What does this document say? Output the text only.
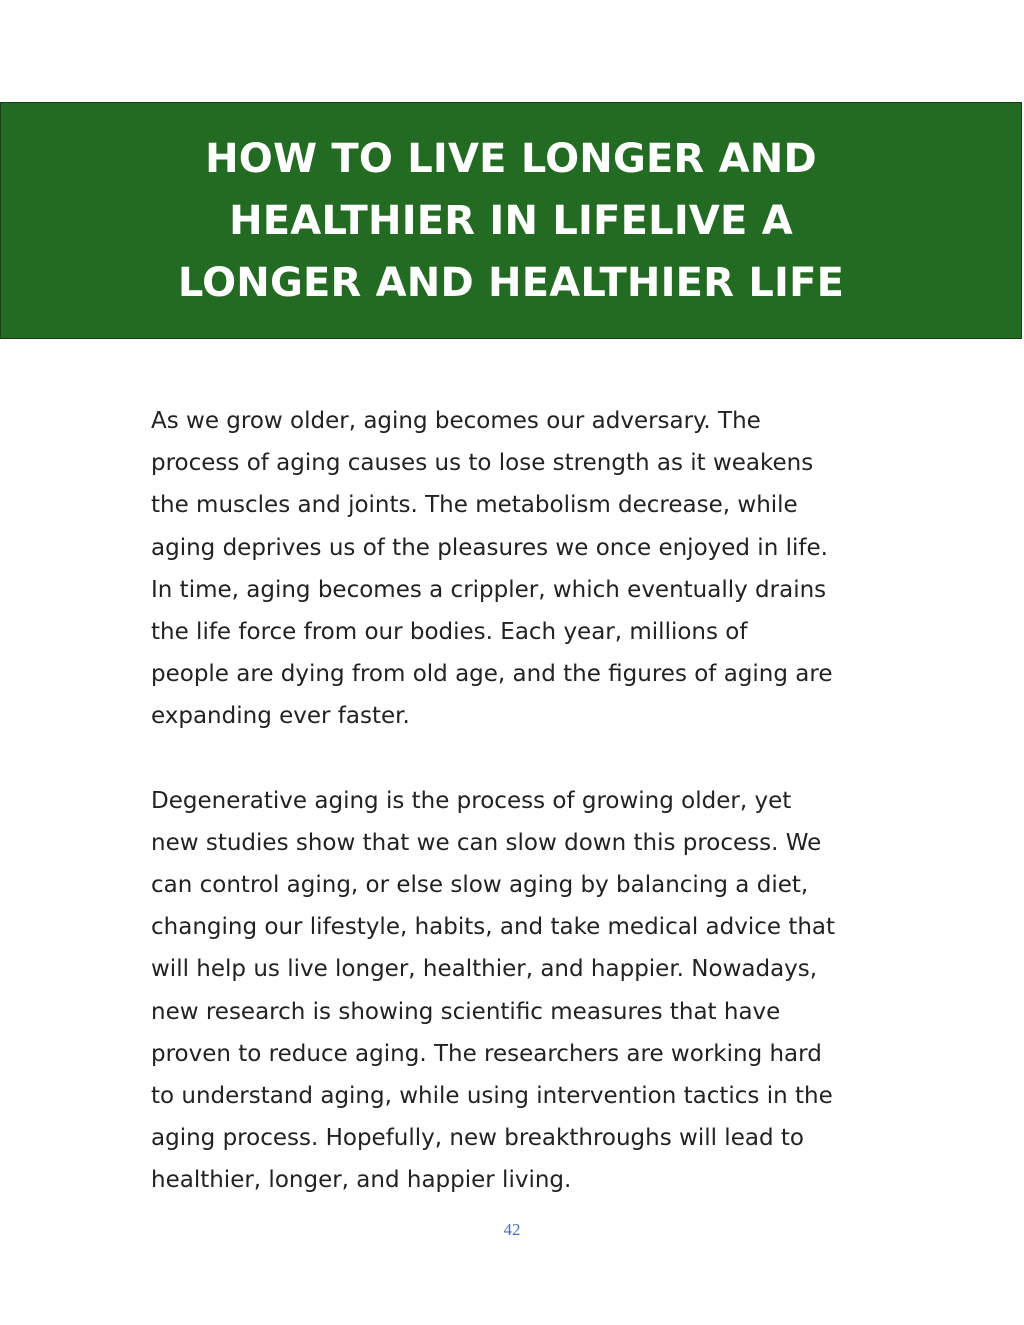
HOW TO LIVE LONGER AND
HEALTHIER IN LIFELIVE A
LONGER AND HEALTHIER LIFE

As we grow older, aging becomes our adversary. The
process of aging causes us to lose strength as it weakens
the muscles and joints. The metabolism decrease, while
aging deprives us of the pleasures we once enjoyed in life.
In time, aging becomes a crippler, which eventually drains
the life force from our bodies. Each year, millions of
people are dying from old age, and the figures of aging are
expanding ever faster.

Degenerative aging is the process of growing older, yet
new studies show that we can slow down this process. We
can control aging, or else slow aging by balancing a diet,
changing our lifestyle, habits, and take medical advice that
will help us live longer, healthier, and happier. Nowadays,
new research is showing scientific measures that have
proven to reduce aging. The researchers are working hard
to understand aging, while using intervention tactics in the
aging process. Hopefully, new breakthroughs will lead to
healthier, longer, and happier living.

42
